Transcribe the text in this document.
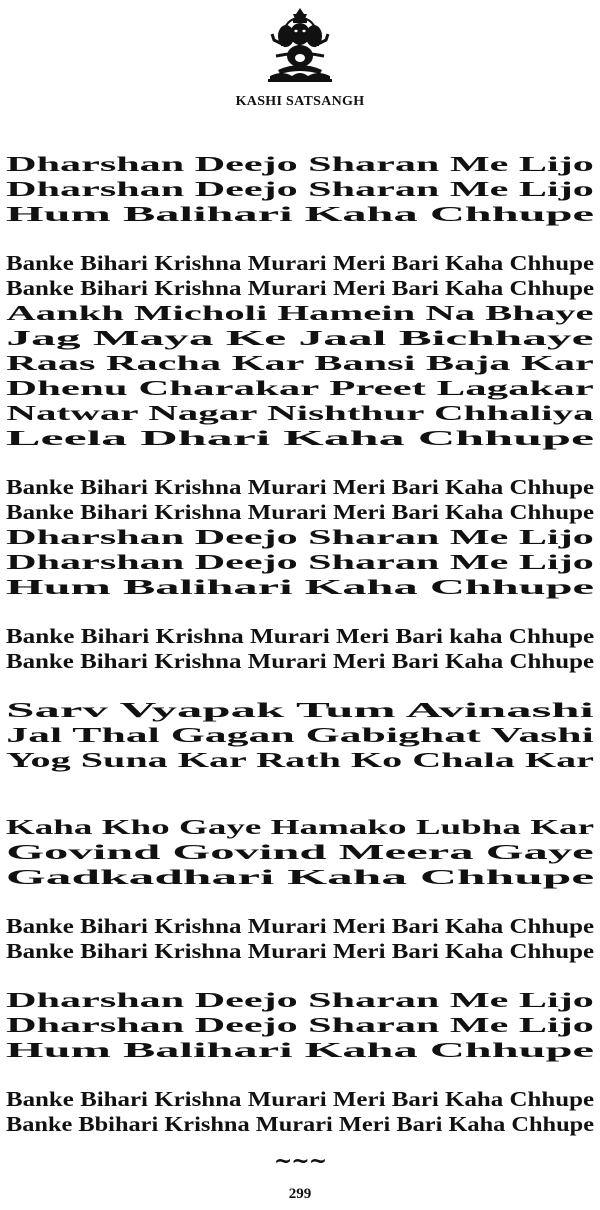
KASHI SATSANGH
Dharshan Deejo Sharan Me Lijo
Dharshan Deejo Sharan Me Lijo
Hum Balihari Kaha Chhupe
Banke Bihari Krishna Murari Meri Bari Kaha Chhupe
Banke Bihari Krishna Murari Meri Bari Kaha Chhupe
Aankh Micholi Hamein Na Bhaye
Jag Maya Ke Jaal Bichhaye
Raas Racha Kar Bansi Baja Kar
Dhenu Charakar Preet Lagakar
Natwar Nagar Nishthur Chhaliya
Leela Dhari Kaha Chhupe
Banke Bihari Krishna Murari Meri Bari Kaha Chhupe
Banke Bihari Krishna Murari Meri Bari Kaha Chhupe
Dharshan Deejo Sharan Me Lijo
Dharshan Deejo Sharan Me Lijo
Hum Balihari Kaha Chhupe
Banke Bihari Krishna Murari Meri Bari kaha Chhupe
Banke Bihari Krishna Murari Meri Bari Kaha Chhupe
Sarv Vyapak Tum Avinashi
Jal Thal Gagan Gabighat Vashi
Yog Suna Kar Rath Ko Chala Kar
Kaha Kho Gaye Hamako Lubha Kar
Govind Govind Meera Gaye
Gadkadhari Kaha Chhupe
Banke Bihari Krishna Murari Meri Bari Kaha Chhupe
Banke Bihari Krishna Murari Meri Bari Kaha Chhupe
Dharshan Deejo Sharan Me Lijo
Dharshan Deejo Sharan Me Lijo
Hum Balihari Kaha Chhupe
Banke Bihari Krishna Murari Meri Bari Kaha Chhupe
Banke Bbihari Krishna Murari Meri Bari Kaha Chhupe
~~~
299
